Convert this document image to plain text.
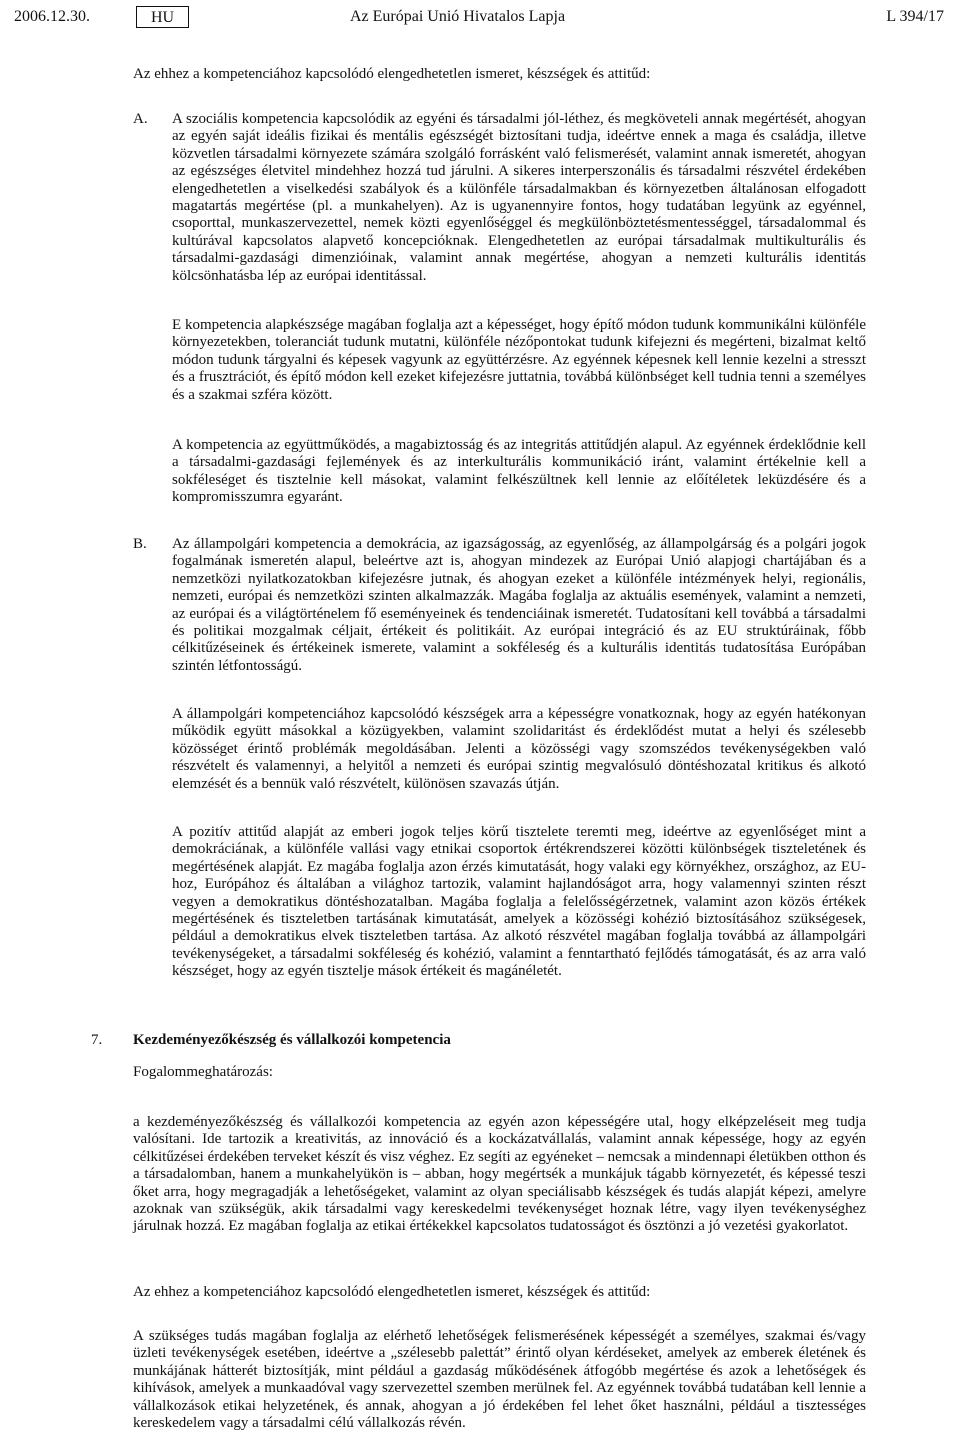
2006.12.30.	HU	Az Európai Unió Hivatalos Lapja	L 394/17

Az ehhez a kompetenciához kapcsolódó elengedhetetlen ismeret, készségek és attitűd:

A. A szociális kompetencia kapcsolódik az egyéni és társadalmi jól-léthez, és megköveteli annak megértését, ahogyan az egyén saját ideális fizikai és mentális egészségét biztosítani tudja, ideértve ennek a maga és családja, illetve közvetlen társadalmi környezete számára szolgáló forrásként való felismerését, valamint annak ismeretét, ahogyan az egészséges életvitel mindehhez hozzá tud járulni. A sikeres interperszonális és társadalmi részvétel érdekében elengedhetetlen a viselkedési szabályok és a különféle társadalmakban és környezetben általánosan elfogadott magatartás megértése (pl. a munkahelyen). Az is ugyanennyire fontos, hogy tudatában legyünk az egyénnel, csoporttal, munkaszervezettel, nemek közti egyenlőséggel és megkülönböztetésmentességgel, társadalommal és kultúrával kapcsolatos alapvető koncepcióknak. Elengedhetetlen az európai társadalmak multikulturális és társadalmi-gazdasági dimenzióinak, valamint annak megértése, ahogyan a nemzeti kulturális identitás kölcsönhatásba lép az európai identitással.

E kompetencia alapkészsége magában foglalja azt a képességet, hogy építő módon tudunk kommunikálni különféle környezetekben, toleranciát tudunk mutatni, különféle nézőpontokat tudunk kifejezni és megérteni, bizalmat keltő módon tudunk tárgyalni és képesek vagyunk az együttérzésre. Az egyénnek képesnek kell lennie kezelni a stresszt és a frusztrációt, és építő módon kell ezeket kifejezésre juttatnia, továbbá különbséget kell tudnia tenni a személyes és a szakmai szféra között.

A kompetencia az együttműködés, a magabiztosság és az integritás attitűdjén alapul. Az egyénnek érdeklődnie kell a társadalmi-gazdasági fejlemények és az interkulturális kommunikáció iránt, valamint értékelnie kell a sokféleséget és tisztelnie kell másokat, valamint felkészültnek kell lennie az előítéletek leküzdésére és a kompromisszumra egyaránt.

B. Az állampolgári kompetencia a demokrácia, az igazságosság, az egyenlőség, az állampolgárság és a polgári jogok fogalmának ismeretén alapul, beleértve azt is, ahogyan mindezek az Európai Unió alapjogi chartájában és a nemzetközi nyilatkozatokban kifejezésre jutnak, és ahogyan ezeket a különféle intézmények helyi, regionális, nemzeti, európai és nemzetközi szinten alkalmazzák. Magába foglalja az aktuális események, valamint a nemzeti, az európai és a világtörténelem fő eseményeinek és tendenciáinak ismeretét. Tudatosítani kell továbbá a társadalmi és politikai mozgalmak céljait, értékeit és politikáit. Az európai integráció és az EU struktúráinak, főbb célkitűzéseinek és értékeinek ismerete, valamint a sokféleség és a kulturális identitás tudatosítása Európában szintén létfontosságú.

A állampolgári kompetenciához kapcsolódó készségek arra a képességre vonatkoznak, hogy az egyén hatékonyan működik együtt másokkal a közügyekben, valamint szolidaritást és érdeklődést mutat a helyi és szélesebb közösséget érintő problémák megoldásában. Jelenti a közösségi vagy szomszédos tevékenységekben való részvételt és valamennyi, a helyitől a nemzeti és európai szintig megvalósuló döntéshozatal kritikus és alkotó elemzését és a bennük való részvételt, különösen szavazás útján.

A pozitív attitűd alapját az emberi jogok teljes körű tisztelete teremti meg, ideértve az egyenlőséget mint a demokráciának, a különféle vallási vagy etnikai csoportok értékrendszerei közötti különbségek tiszteletének és megértésének alapját. Ez magába foglalja azon érzés kimutatását, hogy valaki egy környékhez, országhoz, az EU-hoz, Európához és általában a világhoz tartozik, valamint hajlandóságot arra, hogy valamennyi szinten részt vegyen a demokratikus döntéshozatalban. Magába foglalja a felelősségérzetnek, valamint azon közös értékek megértésének és tiszteletben tartásának kimutatását, amelyek a közösségi kohézió biztosításához szükségesek, például a demokratikus elvek tiszteletben tartása. Az alkotó részvétel magában foglalja továbbá az állampolgári tevékenységeket, a társadalmi sokféleség és kohézió, valamint a fenntartható fejlődés támogatását, és az arra való készséget, hogy az egyén tisztelje mások értékeit és magánéletét.

7. Kezdeményezőkészség és vállalkozói kompetencia

Fogalommeghatározás:

a kezdeményezőkészség és vállalkozói kompetencia az egyén azon képességére utal, hogy elképzeléseit meg tudja valósítani. Ide tartozik a kreativitás, az innováció és a kockázatvállalás, valamint annak képessége, hogy az egyén célkitűzései érdekében terveket készít és visz véghez. Ez segíti az egyéneket – nemcsak a mindennapi életükben otthon és a társadalomban, hanem a munkahelyükön is – abban, hogy megértsék a munkájuk tágabb környezetét, és képessé teszi őket arra, hogy megragadják a lehetőségeket, valamint az olyan speciálisabb készségek és tudás alapját képezi, amelyre azoknak van szükségük, akik társadalmi vagy kereskedelmi tevékenységet hoznak létre, vagy ilyen tevékenységhez járulnak hozzá. Ez magában foglalja az etikai értékekkel kapcsolatos tudatosságot és ösztönzi a jó vezetési gyakorlatot.

Az ehhez a kompetenciához kapcsolódó elengedhetetlen ismeret, készségek és attitűd:

A szükséges tudás magában foglalja az elérhető lehetőségek felismerésének képességét a személyes, szakmai és/vagy üzleti tevékenységek esetében, ideértve a „szélesebb palettát” érintő olyan kérdéseket, amelyek az emberek életének és munkájának hátterét biztosítják, mint például a gazdaság működésének átfogóbb megértése és azok a lehetőségek és kihívások, amelyek a munkaadóval vagy szervezettel szemben merülnek fel. Az egyénnek továbbá tudatában kell lennie a vállalkozások etikai helyzetének, és annak, ahogyan a jó érdekében fel lehet őket használni, például a tisztességes kereskedelem vagy a társadalmi célú vállalkozás révén.
